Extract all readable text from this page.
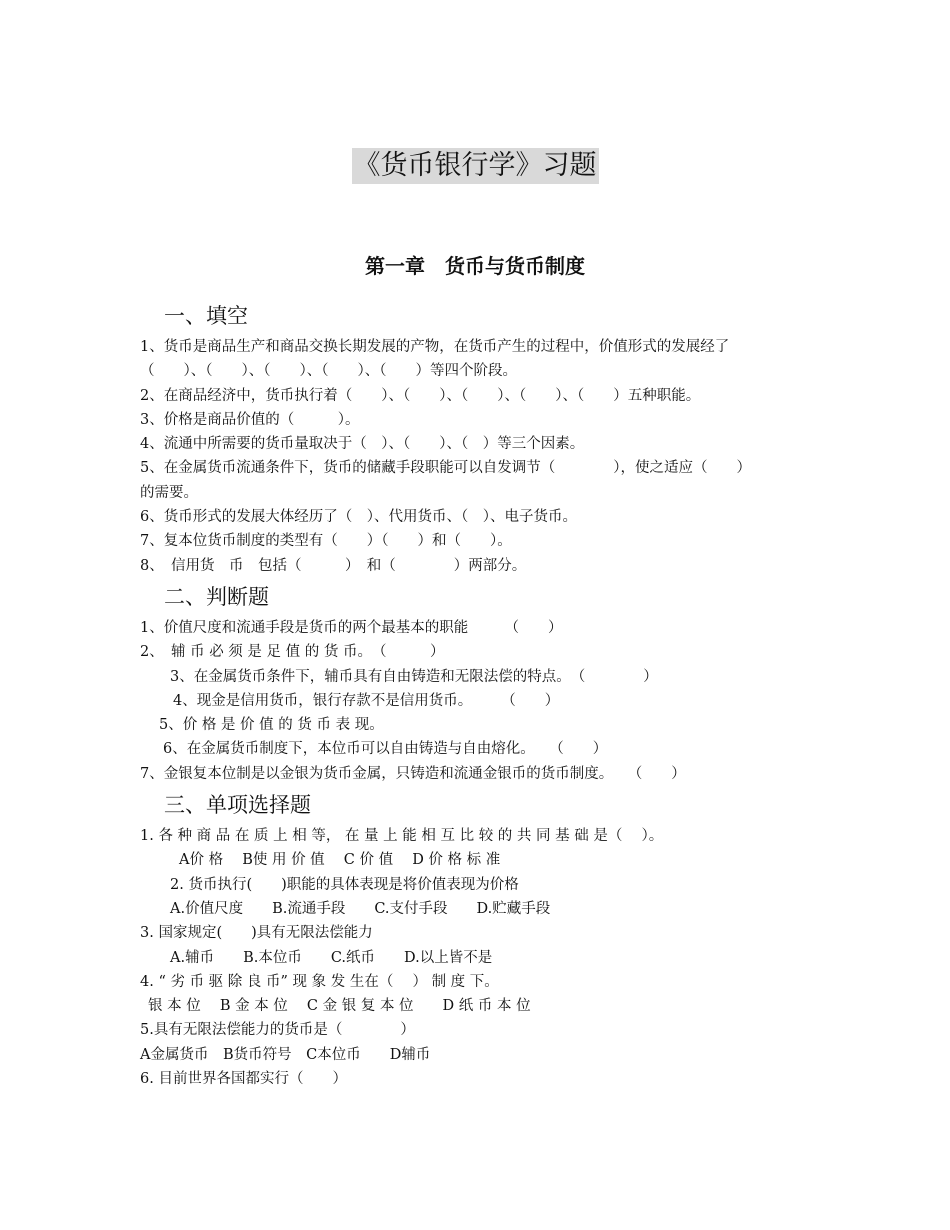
《货币银行学》习题
第一章　货币与货币制度
一、填空
1、货币是商品生产和商品交换长期发展的产物，在货币产生的过程中，价值形式的发展经了
（　　）、（　　）、（　　）、（　　）、（　　）等四个阶段。
2、在商品经济中，货币执行着（　　）、（　　）、（　　）、（　　）、（　　）五种职能。
3、价格是商品价值的（　　　）。
4、流通中所需要的货币量取决于（　）、（　　）、（　）等三个因素。
5、在金属货币流通条件下，货币的储藏手段职能可以自发调节（　　　　），使之适应（　　）
的需要。
6、货币形式的发展大体经历了（　）、代用货币、（　）、电子货币。
7、复本位货币制度的类型有（　　）（　　）和（　　）。
8、　信用货　币　包括（　　　）　和（　　　　）两部分。
二、判断题
1、价值尺度和流通手段是货币的两个最基本的职能　　　（　　）
2、　辅 币 必 须 是 足 值 的 货 币。　（　　　）
3、在金属货币条件下，辅币具有自由铸造和无限法偿的特点。　（　　　　）
4、现金是信用货币，银行存款不是信用货币。　　　（　　）
5、价 格 是 价 值 的 货 币 表 现。
6、在金属货币制度下，本位币可以自由铸造与自由熔化。　　（　　）
7、金银复本位制是以金银为货币金属，只铸造和流通金银币的货币制度。　　（　　）
三、单项选择题
1. 各 种 商 品 在 质 上 相 等， 在 量 上 能 相 互 比 较 的 共 同 基 础 是（　 ）。
A价 格　 B使 用 价 值　 C 价 值　 D 价 格 标 准
2. 货币执行(　　)职能的具体表现是将价值表现为价格
A.价值尺度　　B.流通手段　　C.支付手段　　D.贮藏手段
3. 国家规定(　　)具有无限法偿能力
A.辅币　　B.本位币　　C.纸币　　D.以上皆不是
4. “ 劣 币 驱 除 良 币” 现 象 发 生在（　 ） 制 度 下。
银 本 位　 B 金 本 位　 C 金 银 复 本 位　　D 纸 币 本 位
5.具有无限法偿能力的货币是（　　　　）
A金属货币　B货币符号　C本位币　　D辅币
6. 目前世界各国都实行（　　）
